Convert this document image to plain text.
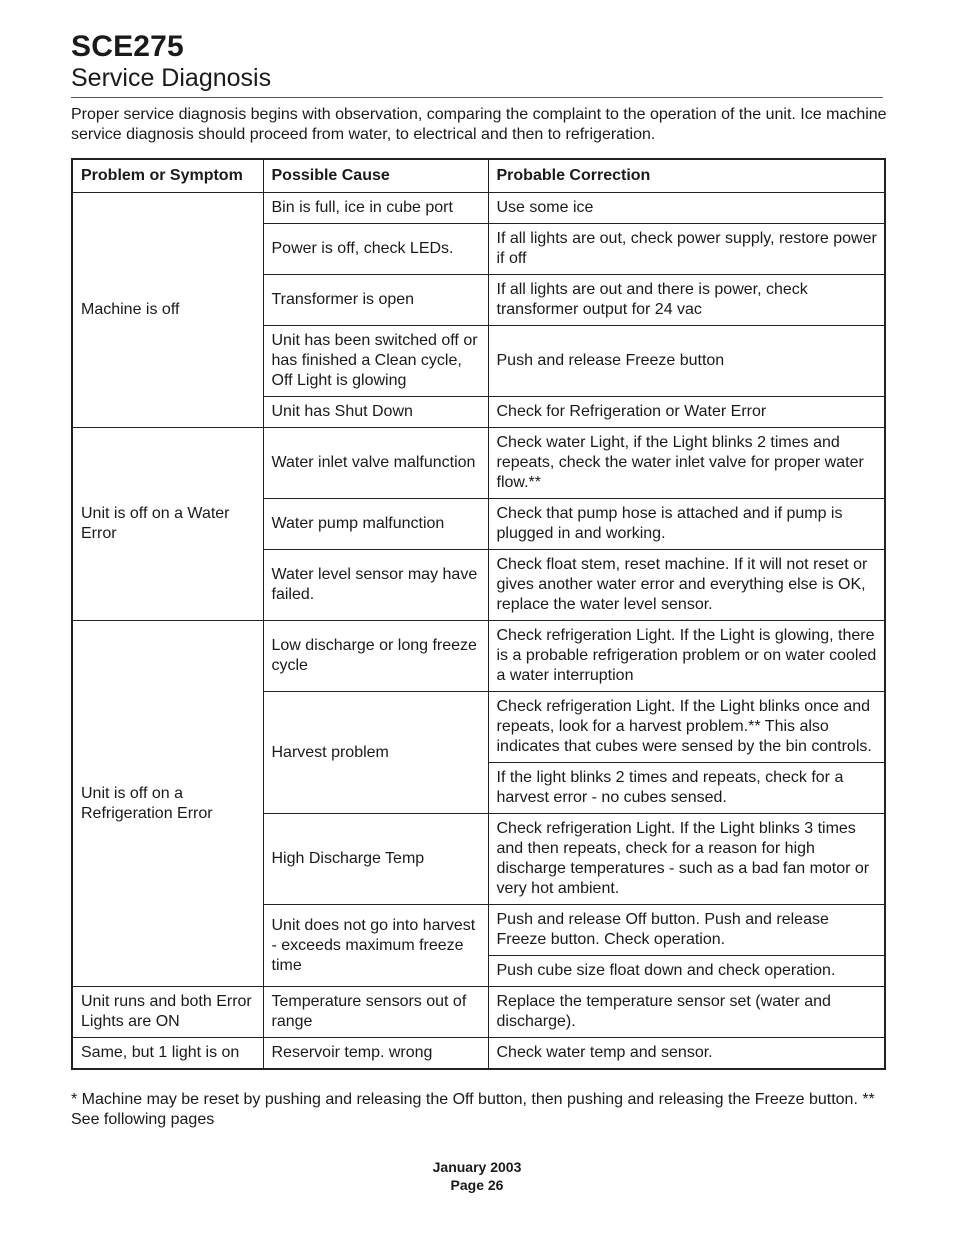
SCE275
Service Diagnosis
Proper service diagnosis begins with observation, comparing the complaint to the operation of the unit. Ice machine service diagnosis should proceed from water, to electrical and then to refrigeration.
Problem or Symptom	Possible Cause	Probable Correction
Machine is off	Bin is full, ice in cube port	Use some ice
	Power is off, check LEDs.	If all lights are out, check power supply, restore power if off
	Transformer is open	If all lights are out and there is power, check transformer output for 24 vac
	Unit has been switched off or has finished a Clean cycle, Off Light is glowing	Push and release Freeze button
	Unit has Shut Down	Check for Refrigeration or Water Error
Unit is off on a Water Error	Water inlet valve malfunction	Check water Light, if the Light blinks 2 times and repeats, check the water inlet valve for proper water flow.**
	Water pump malfunction	Check that pump hose is attached and if pump is plugged in and working.
	Water level sensor may have failed.	Check float stem, reset machine. If it will not reset or gives another water error and everything else is OK, replace the water level sensor.
Unit is off on a Refrigeration Error	Low discharge or long freeze cycle	Check refrigeration Light. If the Light is glowing, there is a probable refrigeration problem or on water cooled a water interruption
	Harvest problem	Check refrigeration Light. If the Light blinks once and repeats, look for a harvest problem.** This also indicates that cubes were sensed by the bin controls.
		If the light blinks 2 times and repeats, check for a harvest error - no cubes sensed.
	High Discharge Temp	Check refrigeration Light. If the Light blinks 3 times and then repeats, check for a reason for high discharge temperatures - such as a bad fan motor or very hot ambient.
	Unit does not go into harvest - exceeds maximum freeze time	Push and release Off button. Push and release Freeze button. Check operation.
		Push cube size float down and check operation.
Unit runs and both Error Lights are ON	Temperature sensors out of range	Replace the temperature sensor set (water and discharge).
Same, but 1 light is on	Reservoir temp. wrong	Check water temp and sensor.
* Machine may be reset by pushing and releasing the Off button, then pushing and releasing the Freeze button. ** See following pages
January 2003
Page 26
